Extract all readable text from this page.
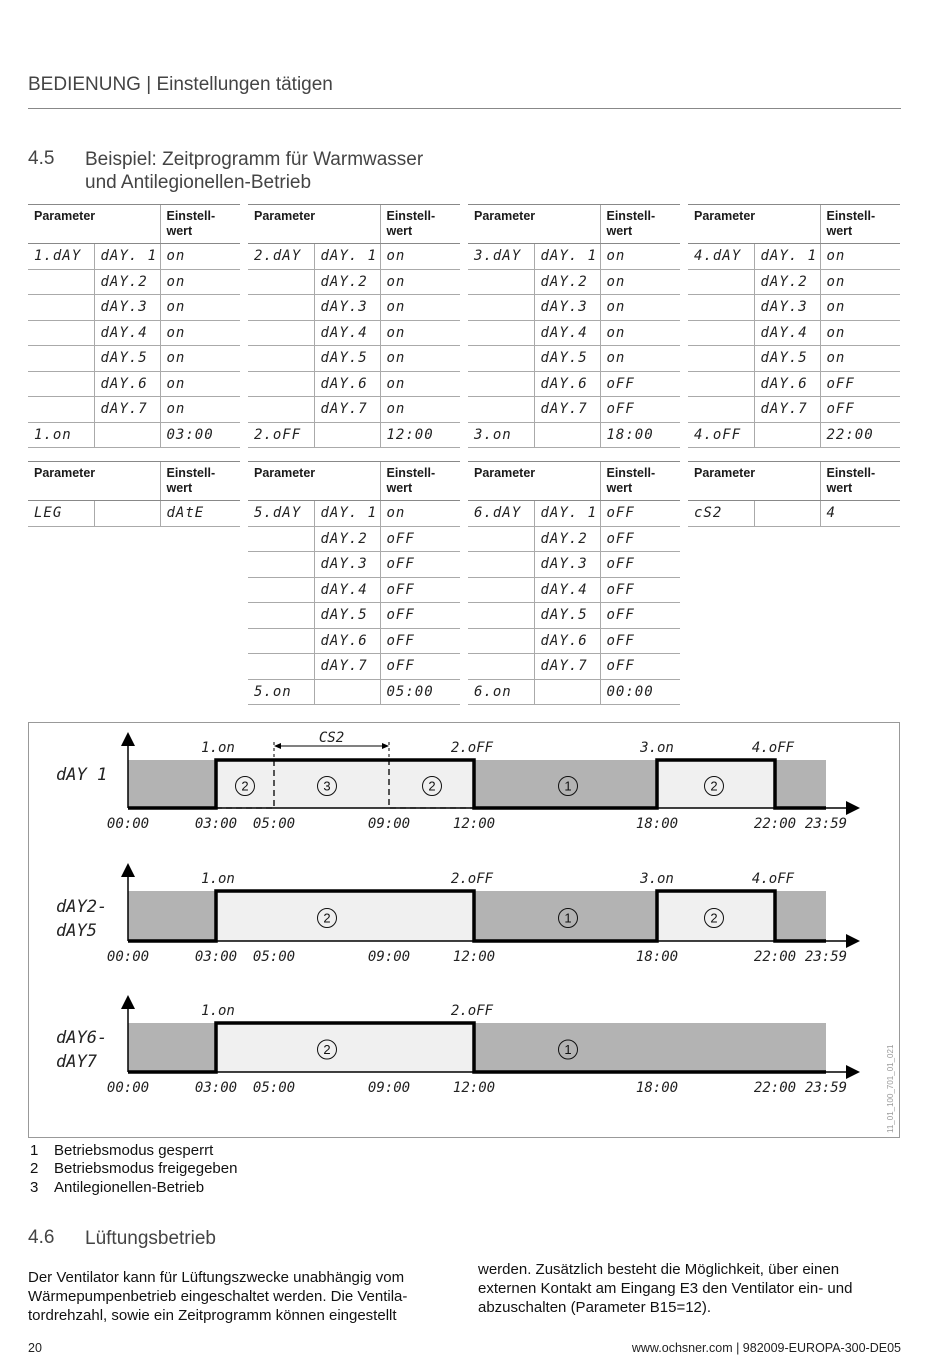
BEDIENUNG | Einstellungen tätigen
4.5 Beispiel: Zeitprogramm für Warmwasser
und Antilegionellen-Betrieb
Parameter		Einstell-
wert

1.dAY	dAY. 1	on
	dAY.2	on
	dAY.3	on
	dAY.4	on
	dAY.5	on
	dAY.6	on
	dAY.7	on
1.on		03:00
Parameter		Einstell-
wert

2.dAY	dAY. 1	on
	dAY.2	on
	dAY.3	on
	dAY.4	on
	dAY.5	on
	dAY.6	on
	dAY.7	on
2.oFF		12:00
Parameter		Einstell-
wert

3.dAY	dAY. 1	on
	dAY.2	on
	dAY.3	on
	dAY.4	on
	dAY.5	on
	dAY.6	oFF
	dAY.7	oFF
3.on		18:00
Parameter		Einstell-
wert

4.dAY	dAY. 1	on
	dAY.2	on
	dAY.3	on
	dAY.4	on
	dAY.5	on
	dAY.6	oFF
	dAY.7	oFF
4.oFF		22:00
Parameter		Einstell-
wert

LEG		dAtE
Parameter		Einstell-
wert

5.dAY	dAY. 1	on
	dAY.2	oFF
	dAY.3	oFF
	dAY.4	oFF
	dAY.5	oFF
	dAY.6	oFF
	dAY.7	oFF
5.on		05:00
Parameter		Einstell-
wert

6.dAY	dAY. 1	oFF
	dAY.2	oFF
	dAY.3	oFF
	dAY.4	oFF
	dAY.5	oFF
	dAY.6	oFF
	dAY.7	oFF
6.on		00:00
Parameter		Einstell-
wert

cS2		4
1.on	2.oFF	3.on	4.oFF
dAY 1
00:00	03:00 05:00	09:00	12:00	18:00	22:00 23:59
CS2
2	3	2	1	2
1.on	2.oFF	3.on	4.oFF
dAY2-
dAY5
00:00	03:00 05:00	09:00	12:00	18:00	22:00 23:59
2	1	2
1.on	2.oFF
dAY6-
dAY7
00:00	03:00 05:00	09:00	12:00	18:00	22:00 23:59
2	1	11_01_100_701_01_021
1 Betriebsmodus gesperrt
2 Betriebsmodus freigegeben
3 Antilegionellen-Betrieb
4.6 Lüftungsbetrieb
Der Ventilator kann für Lüftungszwecke unabhängig vom
Wärmepumpenbetrieb eingeschaltet werden. Die Ventila-
tordrehzahl, sowie ein Zeitprogramm können eingestellt
werden. Zusätzlich besteht die Möglichkeit, über einen
externen Kontakt am Eingang E3 den Ventilator ein- und
abzuschalten (Parameter B15=12).
20	www.ochsner.com | 982009-EUROPA-300-DE05
